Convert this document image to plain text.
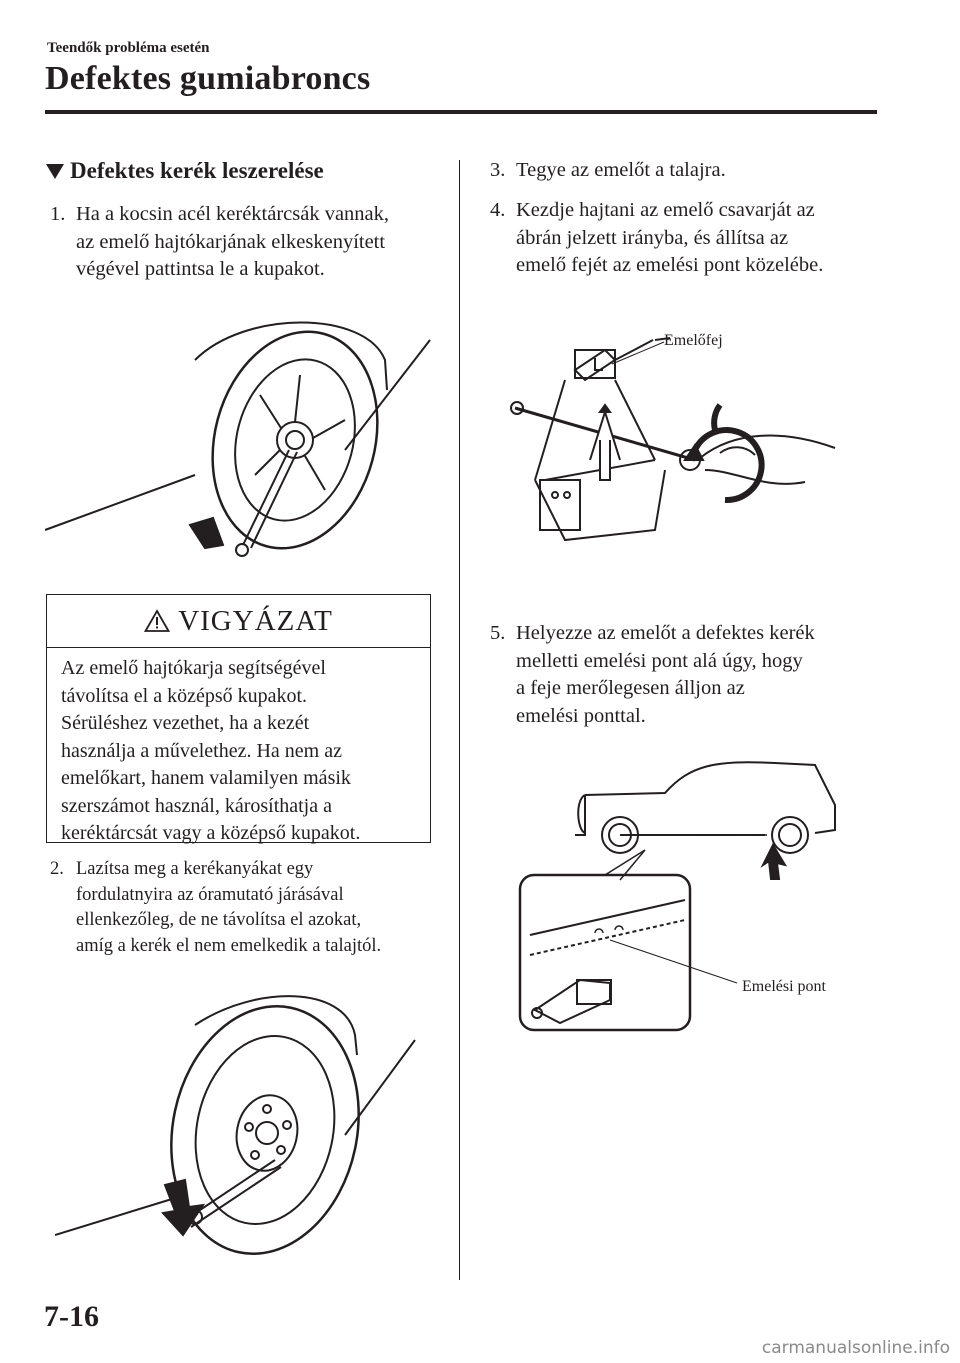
Teendők probléma esetén
Defektes gumiabroncs
Defektes kerék leszerelése
1. Ha a kocsin acél keréktárcsák vannak,
az emelő hajtókarjának elkeskenyített
végével pattintsa le a kupakot.
VIGYÁZAT
Az emelő hajtókarja segítségével
távolítsa el a középső kupakot.
Sérüléshez vezethet, ha a kezét
használja a művelethez. Ha nem az
emelőkart, hanem valamilyen másik
szerszámot használ, károsíthatja a
keréktárcsát vagy a középső kupakot.
2. Lazítsa meg a kerékanyákat egy
fordulatnyira az óramutató járásával
ellenkezőleg, de ne távolítsa el azokat,
amíg a kerék el nem emelkedik a talajtól.
3. Tegye az emelőt a talajra.
4. Kezdje hajtani az emelő csavarját az
ábrán jelzett irányba, és állítsa az
emelő fejét az emelési pont közelébe.
Emelőfej
5. Helyezze az emelőt a defektes kerék
melletti emelési pont alá úgy, hogy
a feje merőlegesen álljon az
emelési ponttal.
Emelési pont
7-16
carmanualsonline.info
